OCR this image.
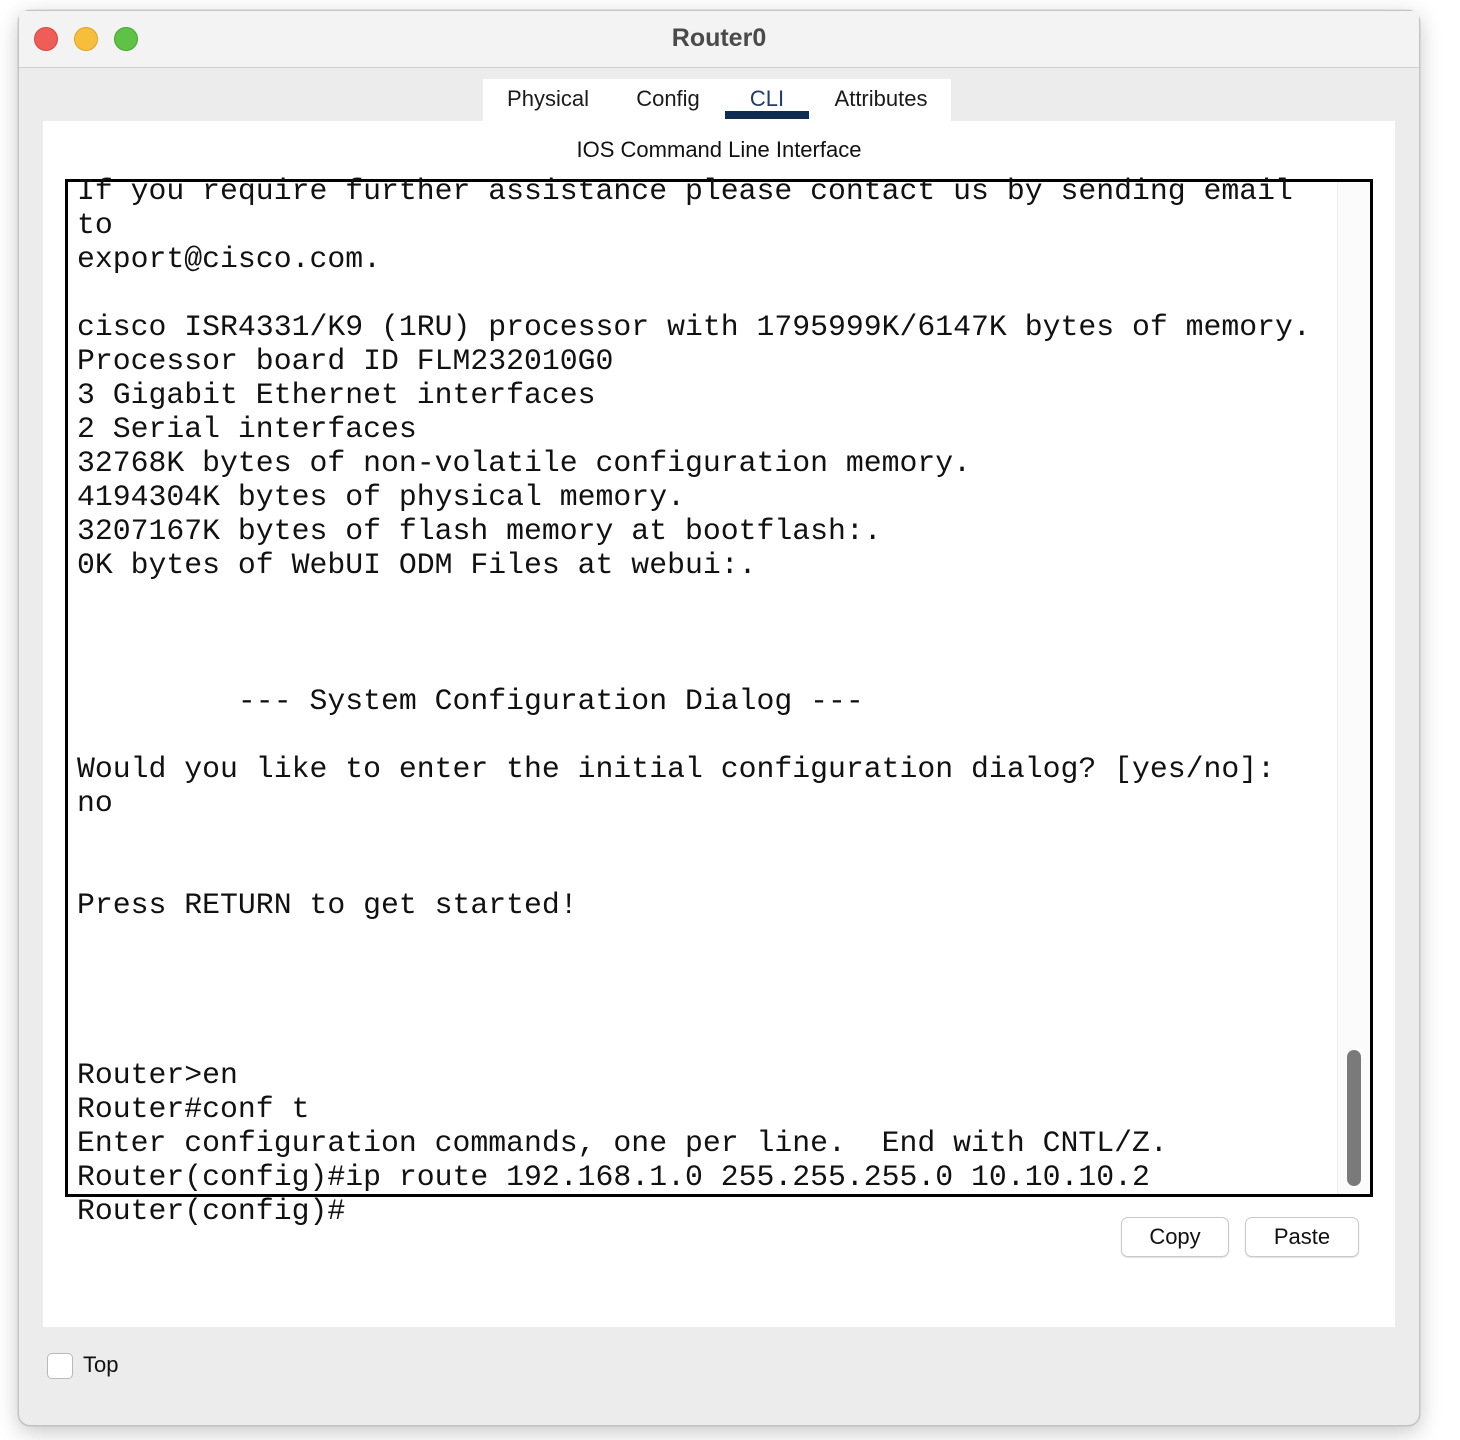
Router0
Physical	Config	CLI	Attributes
IOS Command Line Interface
If you require further assistance please contact us by sending email
to
export@cisco.com.

cisco ISR4331/K9 (1RU) processor with 1795999K/6147K bytes of memory.
Processor board ID FLM232010G0
3 Gigabit Ethernet interfaces
2 Serial interfaces
32768K bytes of non-volatile configuration memory.
4194304K bytes of physical memory.
3207167K bytes of flash memory at bootflash:.
0K bytes of WebUI ODM Files at webui:.

--- System Configuration Dialog ---

Would you like to enter the initial configuration dialog? [yes/no]:
no

Press RETURN to get started!

Router>en
Router#conf t
Enter configuration commands, one per line.  End with CNTL/Z.
Router(config)#ip route 192.168.1.0 255.255.255.0 10.10.10.2
Router(config)#
Copy	Paste
Top
